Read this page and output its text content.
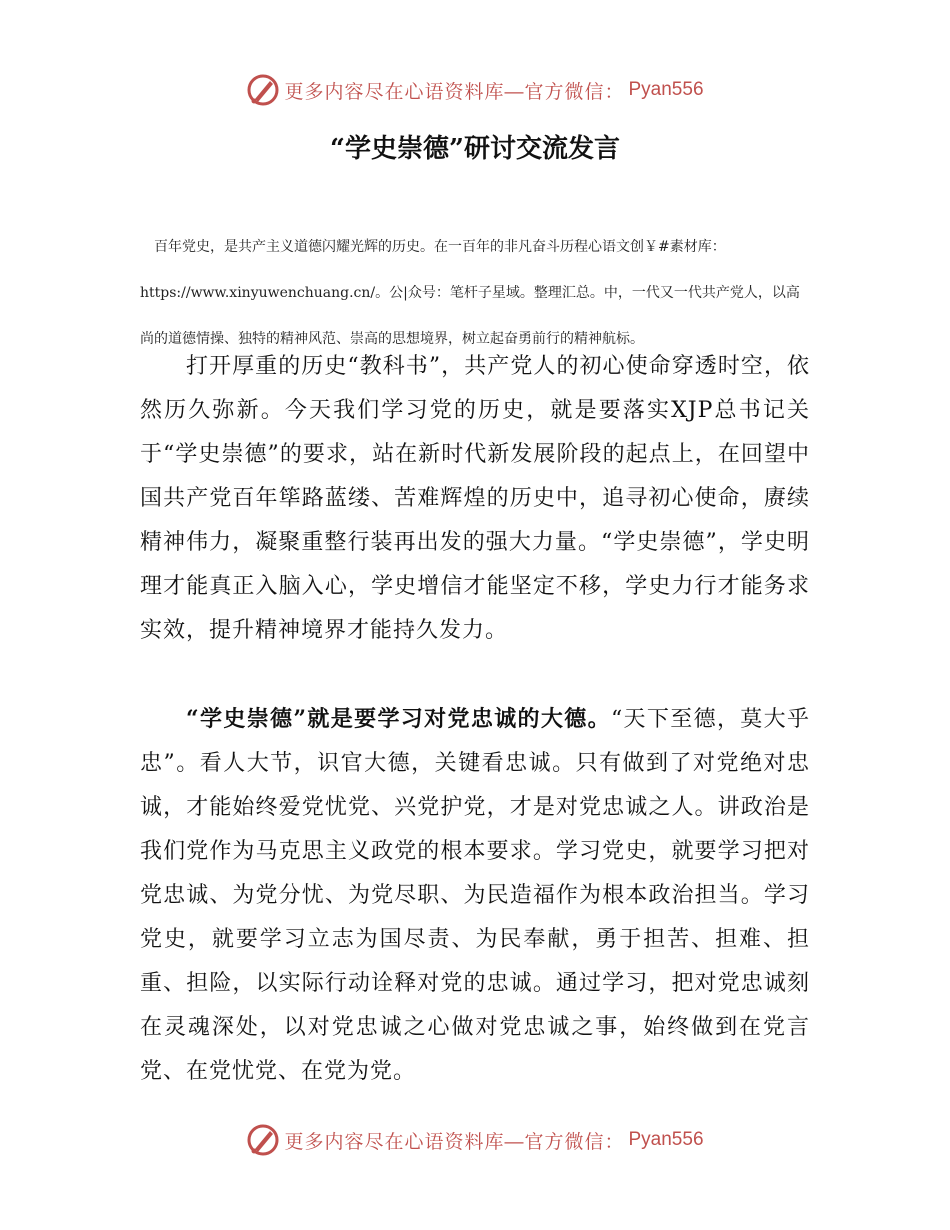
更多内容尽在心语资料库—官方微信： Pyan556
“学史崇德”研讨交流发言

百年党史，是共产主义道德闪耀光辉的历史。在一百年的非凡奋斗历程心语文创￥#素材库：https://www.xinyuwenchuang.cn/。公|众号：笔杆子星域。整理汇总。中，一代又一代共产党人，以高尚的道德情操、独特的精神风范、崇高的思想境界，树立起奋勇前行的精神航标。

打开厚重的历史“教科书”，共产党人的初心使命穿透时空，依然历久弥新。今天我们学习党的历史，就是要落实XJP总书记关于“学史崇德”的要求，站在新时代新发展阶段的起点上，在回望中国共产党百年筚路蓝缕、苦难辉煌的历史中，追寻初心使命，赓续精神伟力，凝聚重整行装再出发的强大力量。“学史崇德”，学史明理才能真正入脑入心，学史增信才能坚定不移，学史力行才能务求实效，提升精神境界才能持久发力。

“学史崇德”就是要学习对党忠诚的大德。“天下至德，莫大乎忠”。看人大节，识官大德，关键看忠诚。只有做到了对党绝对忠诚，才能始终爱党忧党、兴党护党，才是对党忠诚之人。讲政治是我们党作为马克思主义政党的根本要求。学习党史，就要学习把对党忠诚、为党分忧、为党尽职、为民造福作为根本政治担当。学习党史，就要学习立志为国尽责、为民奉献，勇于担苦、担难、担重、担险，以实际行动诠释对党的忠诚。通过学习，把对党忠诚刻在灵魂深处，以对党忠诚之心做对党忠诚之事，始终做到在党言党、在党忧党、在党为党。

更多内容尽在心语资料库—官方微信： Pyan556
